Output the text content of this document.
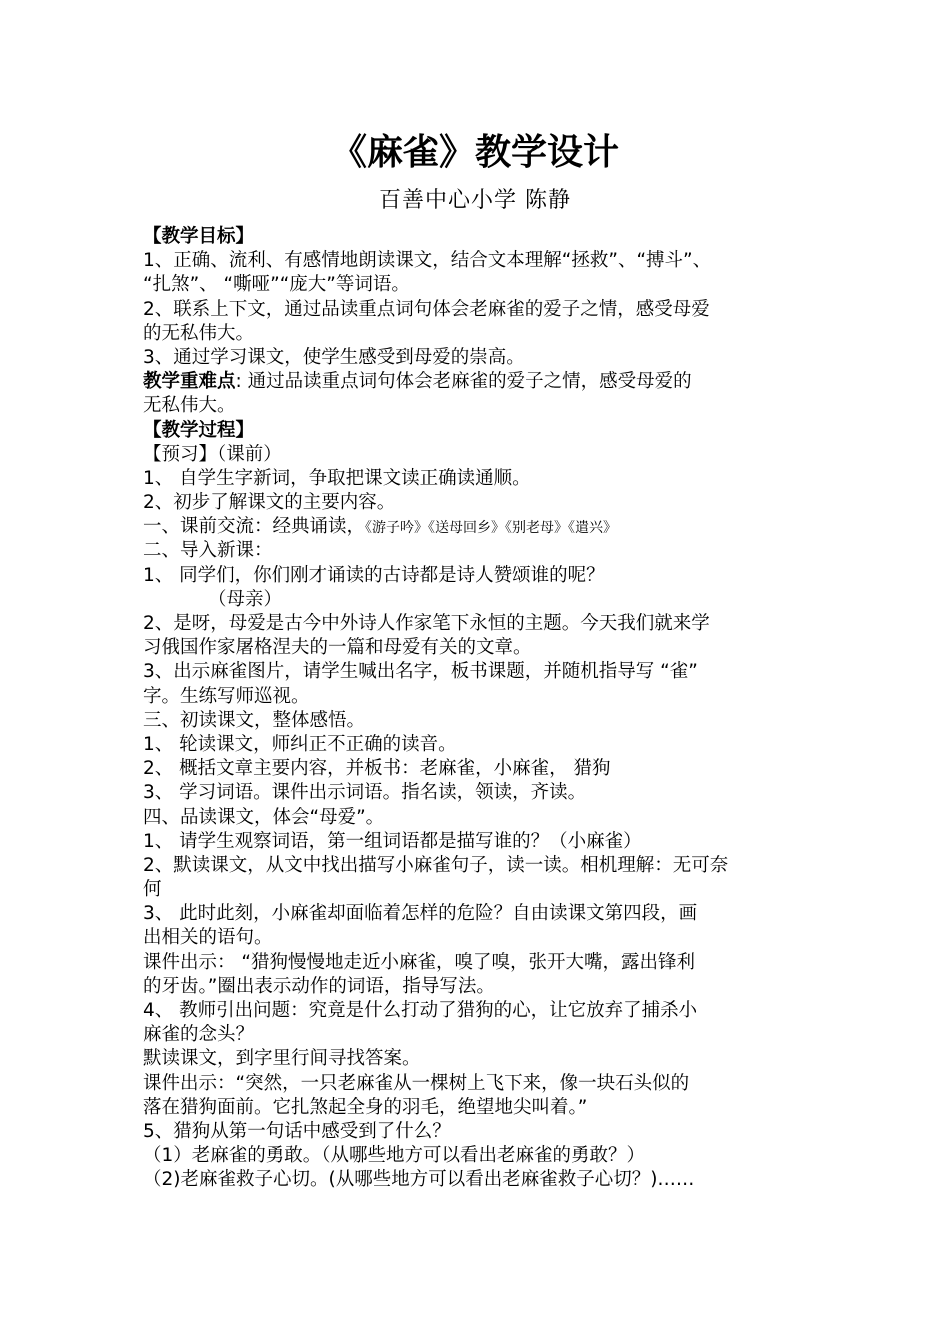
《麻雀》教学设计
百善中心小学 陈静
【教学目标】
1、正确、流利、有感情地朗读课文，结合文本理解“拯救”、“搏斗”、
“扎煞”、 “嘶哑”“庞大”等词语。
2、联系上下文，通过品读重点词句体会老麻雀的爱子之情，感受母爱
的无私伟大。
3、通过学习课文，使学生感受到母爱的崇高。
教学重难点: 通过品读重点词句体会老麻雀的爱子之情，感受母爱的
无私伟大。
【教学过程】
【预习】（课前）
1、 自学生字新词，争取把课文读正确读通顺。
2、初步了解课文的主要内容。
一、课前交流：经典诵读，《游子吟》《送母回乡》《别老母》《遣兴》
二、导入新课：
1、 同学们，你们刚才诵读的古诗都是诗人赞颂谁的呢？
（母亲）
2、是呀，母爱是古今中外诗人作家笔下永恒的主题。今天我们就来学
习俄国作家屠格涅夫的一篇和母爱有关的文章。
3、出示麻雀图片，请学生喊出名字，板书课题，并随机指导写 “雀”
字。生练写师巡视。
三、初读课文，整体感悟。
1、 轮读课文，师纠正不正确的读音。
2、 概括文章主要内容，并板书：老麻雀，小麻雀， 猎狗
3、 学习词语。课件出示词语。指名读，领读，齐读。
四、品读课文，体会“母爱”。
1、 请学生观察词语，第一组词语都是描写谁的？（小麻雀）
2、默读课文，从文中找出描写小麻雀句子，读一读。相机理解：无可奈
何
3、 此时此刻，小麻雀却面临着怎样的危险？自由读课文第四段，画
出相关的语句。
课件出示： “猎狗慢慢地走近小麻雀，嗅了嗅，张开大嘴，露出锋利
的牙齿。”圈出表示动作的词语，指导写法。
4、 教师引出问题：究竟是什么打动了猎狗的心，让它放弃了捕杀小
麻雀的念头？
默读课文，到字里行间寻找答案。
课件出示：“突然，一只老麻雀从一棵树上飞下来，像一块石头似的
落在猎狗面前。它扎煞起全身的羽毛，绝望地尖叫着。”
5、猎狗从第一句话中感受到了什么？
（1）老麻雀的勇敢。（从哪些地方可以看出老麻雀的勇敢？）
（2)老麻雀救子心切。(从哪些地方可以看出老麻雀救子心切？)……
